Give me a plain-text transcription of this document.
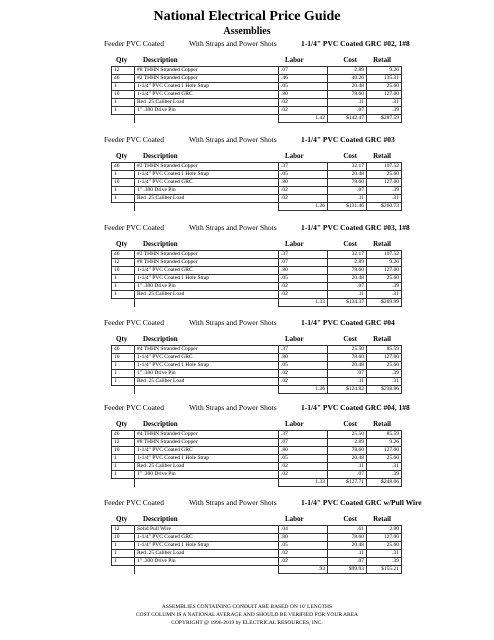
National Electrical Price Guide
Assemblies
Feeder PVC Coated	With Straps and Power Shots	1-1/4" PVC Coated GRC #02, 1#8
Qty Description	Labor	Cost	Retail
12	#8 THHN Stranded Copper	.07	2.89	9.26
46	#2 THHN Stranded Copper	.46	40.26	135.31
1	1-1/4" PVC Coated 1 Hole Strap	.05	20.48	25.60
10	1-1/4" PVC Coated GRC	.80	78.60	127.00
1	Red .25 Caliber Load	.02	.11	.31
1	1" .300 Drive Pin	.02	.07	.39
		1.42	$142.47	$287.59
Feeder PVC Coated	With Straps and Power Shots	1-1/4" PVC Coated GRC #03
Qty Description	Labor	Cost	Retail
46	#3 THHN Stranded Copper	.37	32.17	107.52
1	1-1/4" PVC Coated 1 Hole Strap	.05	20.48	25.60
10	1-1/4" PVC Coated GRC	.80	78.60	127.00
1	1" .300 Drive Pin	.02	.07	.39
1	Red .25 Caliber Load	.02	.11	.31
		1.26	$131.46	$260.73
Feeder PVC Coated	With Straps and Power Shots	1-1/4" PVC Coated GRC #03, 1#8
Qty Description	Labor	Cost	Retail
46	#3 THHN Stranded Copper	.37	32.17	107.52
12	#8 THHN Stranded Copper	.07	2.89	9.26
10	1-1/4" PVC Coated GRC	.80	78.60	127.00
1	1-1/4" PVC Coated 1 Hole Strap	.05	20.48	25.60
1	1" .300 Drive Pin	.02	.07	.39
1	Red .25 Caliber Load	.02	.11	.31
		1.33	$134.37	$269.99
Feeder PVC Coated	With Straps and Power Shots	1-1/4" PVC Coated GRC #04
Qty Description	Labor	Cost	Retail
46	#4 THHN Stranded Copper	.37	25.50	85.59
10	1-1/4" PVC Coated GRC	.80	78.60	127.00
1	1-1/4" PVC Coated 1 Hole Strap	.05	20.48	25.60
1	1" .300 Drive Pin	.02	.07	.39
1	Red .25 Caliber Load	.02	.11	.31
		1.26	$124.82	$238.86
Feeder PVC Coated	With Straps and Power Shots	1-1/4" PVC Coated GRC #04, 1#8
Qty Description	Labor	Cost	Retail
46	#4 THHN Stranded Copper	.37	25.50	85.59
12	#8 THHN Stranded Copper	.07	2.89	9.26
10	1-1/4" PVC Coated GRC	.80	78.60	127.00
1	1-1/4" PVC Coated 1 Hole Strap	.05	20.48	25.60
1	Red .25 Caliber Load	.02	.11	.31
1	1" .300 Drive Pin	.02	.07	.39
		1.33	$127.71	$248.06
Feeder PVC Coated	With Straps and Power Shots	1-1/4" PVC Coated GRC w/Pull Wire
Qty Description	Labor	Cost	Retail
12	Solid Pull Wire	.04	.61	2.00
10	1-1/4" PVC Coated GRC	.80	78.60	127.00
1	1-1/4" PVC Coated 1 Hole Strap	.05	20.48	25.60
1	Red .25 Caliber Load	.02	.11	.31
1	1" .300 Drive Pin	.02	.07	.39
		.93	$99.93	$155.21
ASSEMBLIES CONTAINING CONDUIT ARE BASED ON 10' LENGTHS
COST COLUMN IS A NATIONAL AVERAGE AND SHOULD BE VERIFIED FOR YOUR AREA
COPYRIGHT @ 1996-2019 by ELECTRICAL RESOURCES, INC.
